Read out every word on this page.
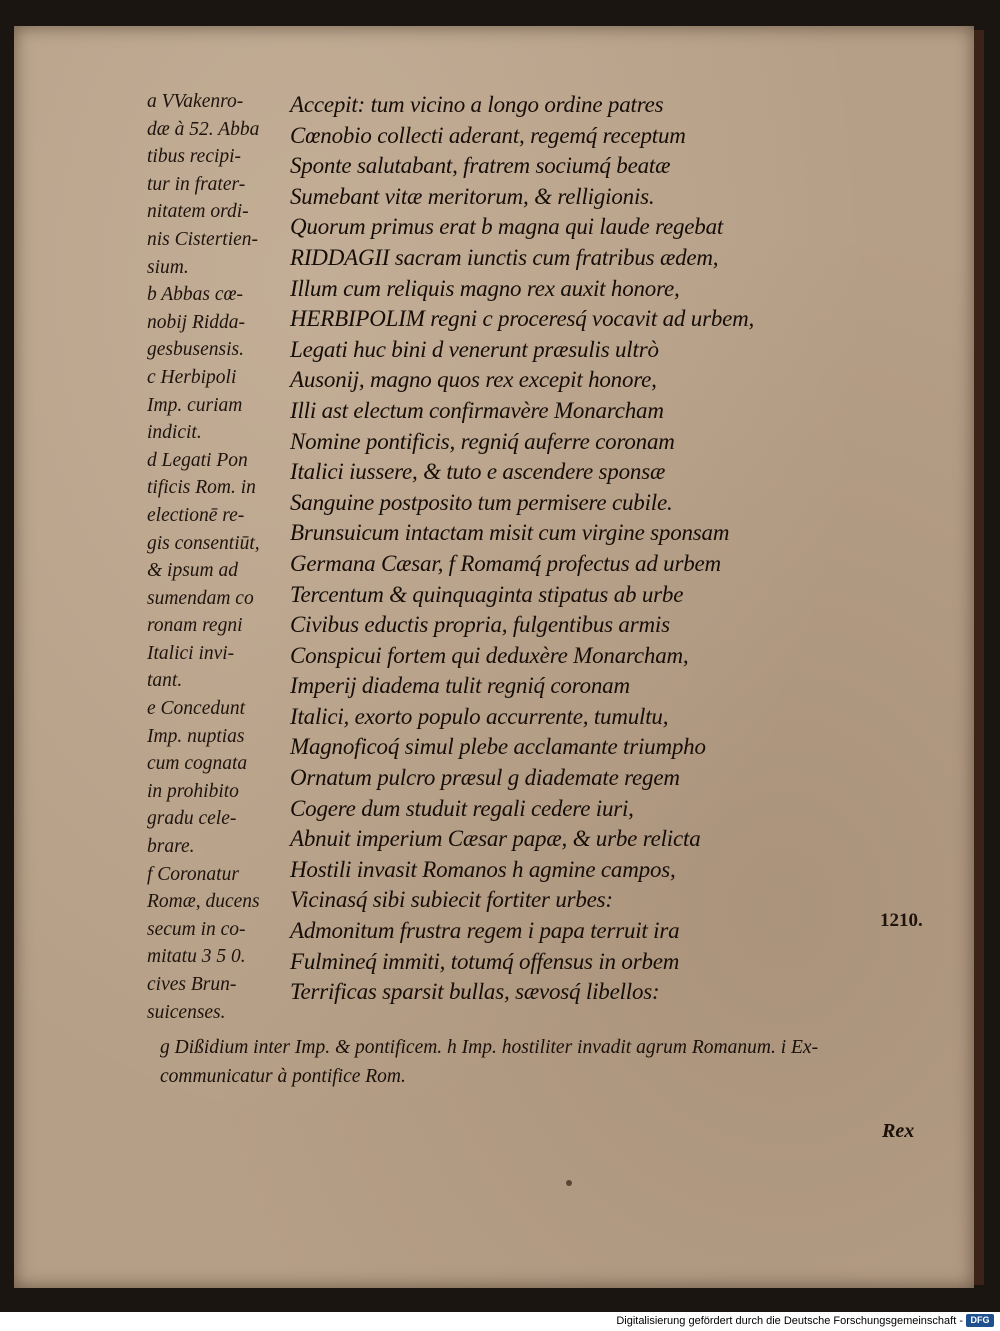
a VVakenro-
dæ à 52. Abba
tibus recipi-
tur in frater-
nitatem ordi-
nis Cistertien-
sium.
b Abbas cœ-
nobij Ridda-
gesbusensis.
c Herbipoli
Imp. curiam
indicit.
d Legati Pon
tificis Rom. in
electionē re-
gis consentiūt,
& ipsum ad
sumendam co
ronam regni
Italici invi-
tant.
e Concedunt
Imp. nuptias
cum cognata
in prohibito
gradu cele-
brare.
f Coronatur
Romæ, ducens
secum in co-
mitatu 3 5 0.
cives Brun-
suicenses.
Accepit: tum vicino a longo ordine patres
Cœnobio collecti aderant, regemq́ receptum
Sponte salutabant, fratrem sociumq́ beatæ
Sumebant vitæ meritorum, & relligionis.
Quorum primus erat b magna qui laude regebat
RIDDAGII sacram iunctis cum fratribus ædem,
Illum cum reliquis magno rex auxit honore,
HERBIPOLIM regni c proceresq́ vocavit ad urbem,
Legati huc bini d venerunt præsulis ultrò
Ausonij, magno quos rex excepit honore,
Illi ast electum confirmavère Monarcham
Nomine pontificis, regniq́ auferre coronam
Italici iussere, & tuto e ascendere sponsæ
Sanguine postposito tum permisere cubile.
Brunsuicum intactam misit cum virgine sponsam
Germana Cæsar, f Romamq́ profectus ad urbem
Tercentum & quinquaginta stipatus ab urbe
Civibus eductis propria, fulgentibus armis
Conspicui fortem qui deduxère Monarcham,
Imperij diadema tulit regniq́ coronam
Italici, exorto populo accurrente, tumultu,
Magnoficoq́ simul plebe acclamante triumpho
Ornatum pulcro præsul g diademate regem
Cogere dum studuit regali cedere iuri,
Abnuit imperium Cæsar papæ, & urbe relicta
Hostili invasit Romanos h agmine campos,
Vicinasq́ sibi subiecit fortiter urbes:
Admonitum frustra regem i papa terruit ira
Fulmineq́ immiti, totumq́ offensus in orbem
Terrificas sparsit bullas, sævosq́ libellos:
1210.
g Dißidium inter Imp. & pontificem. h Imp. hostiliter invadit agrum Romanum. i Ex-
communicatur à pontifice Rom.
Rex
Digitalisierung gefördert durch die Deutsche Forschungsgemeinschaft - DFG
